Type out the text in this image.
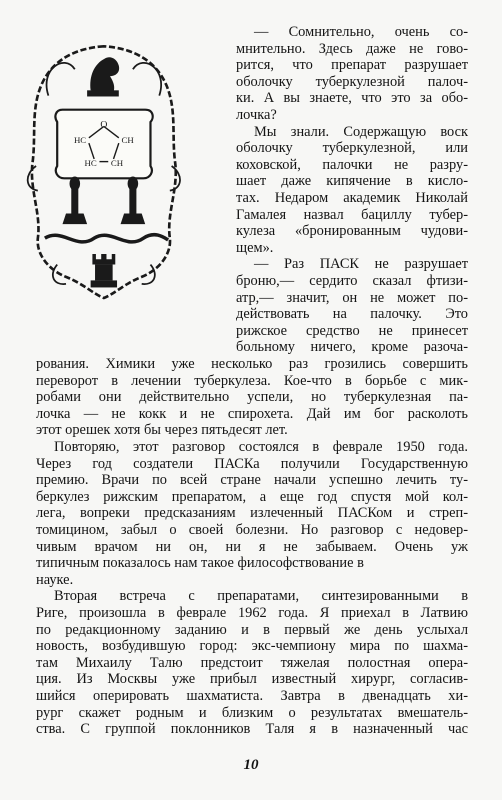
O
HC	CH
HC CH
— Сомнительно, очень со-
мнительно. Здесь даже не гово-
рится, что препарат разрушает
оболочку туберкулезной палоч-
ки. А вы знаете, что это за обо-
лочка?
Мы знали. Содержащую воск
оболочку туберкулезной, или
коховской, палочки не разру-
шает даже кипячение в кисло-
тах. Недаром академик Николай
Гамалея назвал бациллу тубер-
кулеза «бронированным чудови-
щем».
— Раз ПАСК не разрушает
броню,— сердито сказал фтизи-
атр,— значит, он не может по-
действовать на палочку. Это
рижское средство не принесет
больному ничего, кроме разоча-
рования. Химики уже несколько раз грозились совершить
переворот в лечении туберкулеза. Кое-что в борьбе с мик-
робами они действительно успели, но туберкулезная па-
лочка — не кокк и не спирохета. Дай им бог расколоть
этот орешек хотя бы через пятьдесят лет.
Повторяю, этот разговор состоялся в феврале 1950 года.
Через год создатели ПАСКа получили Государственную
премию. Врачи по всей стране начали успешно лечить ту-
беркулез рижским препаратом, а еще год спустя мой кол-
лега, вопреки предсказаниям излеченный ПАСКом и стреп-
томицином, забыл о своей болезни. Но разговор с недовер-
чивым врачом ни он, ни я не забываем. Очень уж
типичным показалось нам такое философствование в
науке.
Вторая встреча с препаратами, синтезированными в
Риге, произошла в феврале 1962 года. Я приехал в Латвию
по редакционному заданию и в первый же день услыхал
новость, возбудившую город: экс-чемпиону мира по шахма-
там Михаилу Талю предстоит тяжелая полостная опера-
ция. Из Москвы уже прибыл известный хирург, согласив-
шийся оперировать шахматиста. Завтра в двенадцать хи-
рург скажет родным и близким о результатах вмешатель-
ства. С группой поклонников Таля я в назначенный час
10
